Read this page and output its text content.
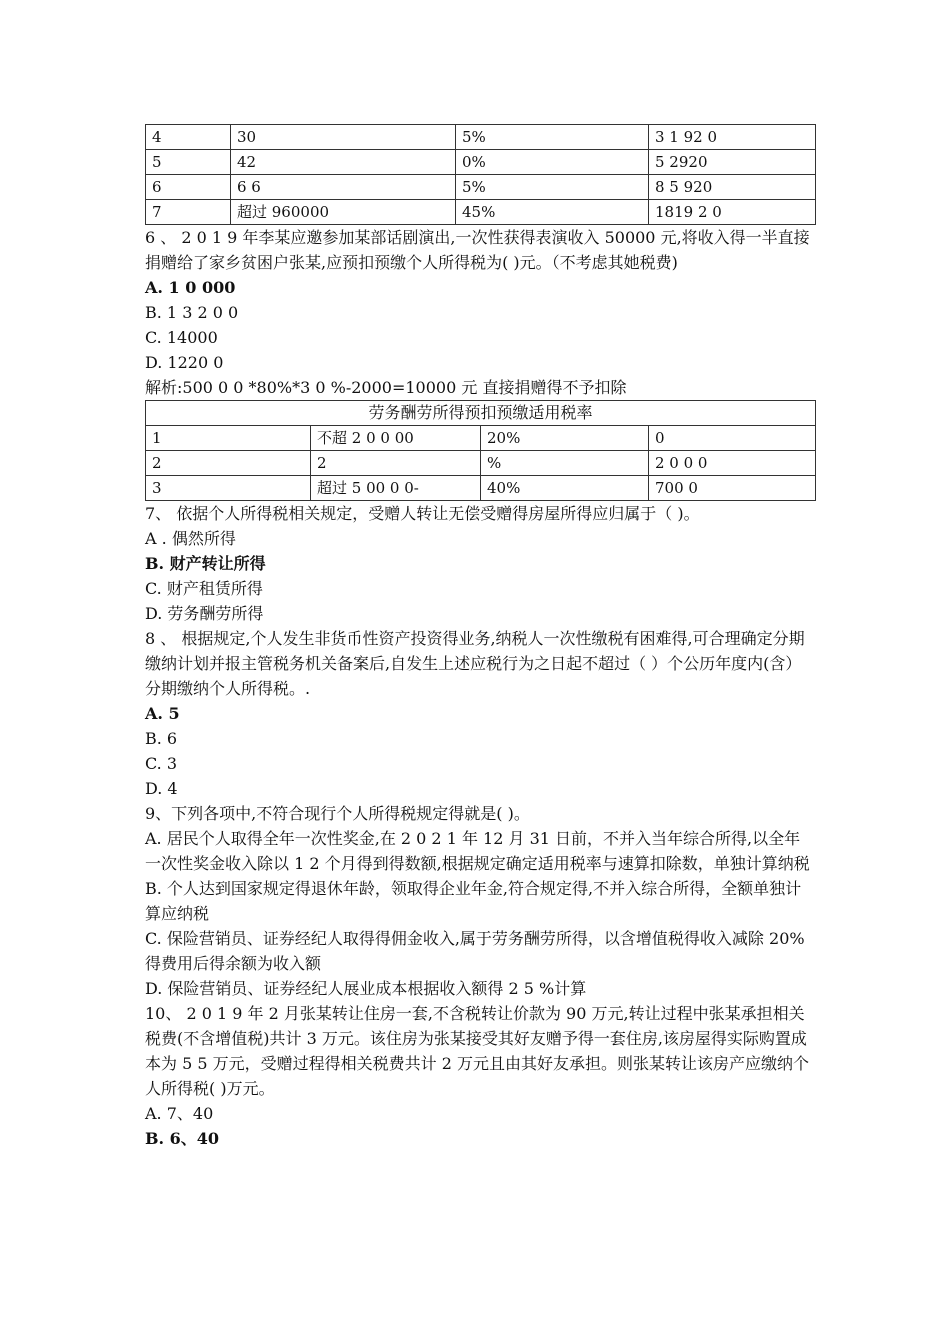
4	30	5%	3 1 92 0
5	42	0%	5 2920
6	6 6	5%	8 5 920
7	超过 960000	45%	1819 2 0

6 、 2 0 1 9 年李某应邀参加某部话剧演出,一次性获得表演收入 50000 元,将收入得一半直接捐赠给了家乡贫困户张某,应预扣预缴个人所得税为( )元。（不考虑其她税费)

A. 1 0 000
B. 1 3 2 0 0
C. 14000
D. 1220 0

解析:500 0 0 *80%*3 0 %-2000=10000 元 直接捐赠得不予扣除

劳务酬劳所得预扣预缴适用税率			
1	不超 2 0 0 00	20%	0
2	2	%	2 0 0 0
3	超过 5 00 0 0-	40%	700 0

7、 依据个人所得税相关规定，受赠人转让无偿受赠得房屋所得应归属于（ )。

A . 偶然所得
B. 财产转让所得
C. 财产租赁所得
D. 劳务酬劳所得

8 、 根据规定,个人发生非货币性资产投资得业务,纳税人一次性缴税有困难得,可合理确定分期缴纳计划并报主管税务机关备案后,自发生上述应税行为之日起不超过（ ）个公历年度内(含）分期缴纳个人所得税。.

A. 5
B. 6
C. 3
D. 4

9、下列各项中,不符合现行个人所得税规定得就是( )。

A. 居民个人取得全年一次性奖金,在 2 0 2 1 年 12 月 31 日前，不并入当年综合所得,以全年一次性奖金收入除以 1 2 个月得到得数额,根据规定确定适用税率与速算扣除数，单独计算纳税
B. 个人达到国家规定得退休年龄，领取得企业年金,符合规定得,不并入综合所得，全额单独计算应纳税
C. 保险营销员、证券经纪人取得得佣金收入,属于劳务酬劳所得，以含增值税得收入减除 20%得费用后得余额为收入额
D. 保险营销员、证券经纪人展业成本根据收入额得 2 5 %计算

10、 2 0 1 9 年 2 月张某转让住房一套,不含税转让价款为 90 万元,转让过程中张某承担相关税费(不含增值税)共计 3 万元。该住房为张某接受其好友赠予得一套住房,该房屋得实际购置成本为 5 5 万元，受赠过程得相关税费共计 2 万元且由其好友承担。则张某转让该房产应缴纳个人所得税( )万元。

A. 7、40
B. 6、40
